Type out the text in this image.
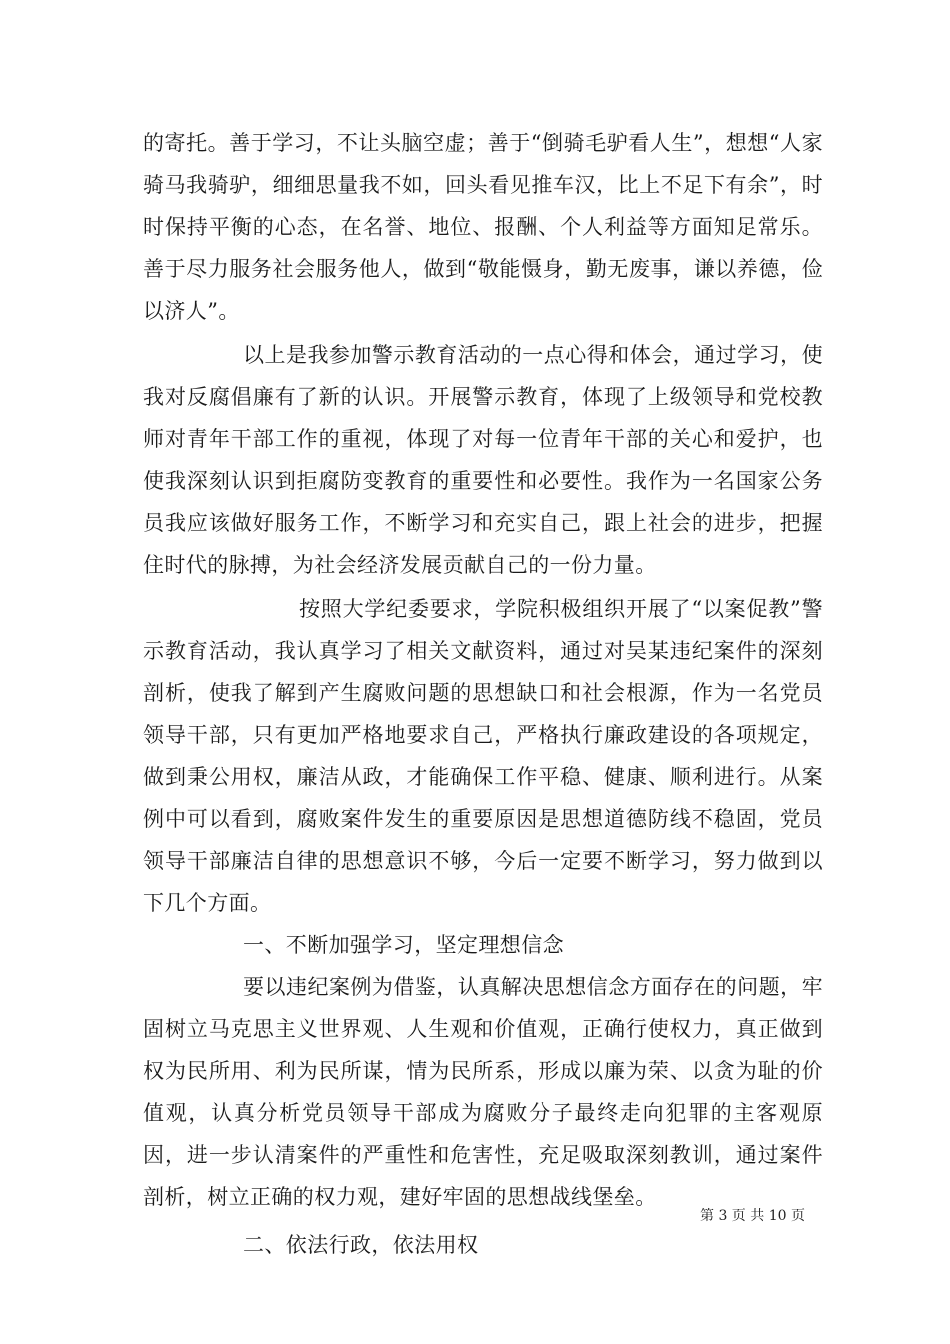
的寄托。善于学习，不让头脑空虚；善于“倒骑毛驴看人生”，想想“人家骑马我骑驴，细细思量我不如，回头看见推车汉，比上不足下有余”，时时保持平衡的心态，在名誉、地位、报酬、个人利益等方面知足常乐。善于尽力服务社会服务他人，做到“敬能慑身，勤无废事，谦以养德，俭以济人”。

以上是我参加警示教育活动的一点心得和体会，通过学习，使我对反腐倡廉有了新的认识。开展警示教育，体现了上级领导和党校教师对青年干部工作的重视，体现了对每一位青年干部的关心和爱护，也使我深刻认识到拒腐防变教育的重要性和必要性。我作为一名国家公务员我应该做好服务工作，不断学习和充实自己，跟上社会的进步，把握住时代的脉搏，为社会经济发展贡献自己的一份力量。

按照大学纪委要求，学院积极组织开展了“以案促教”警示教育活动，我认真学习了相关文献资料，通过对吴某违纪案件的深刻剖析，使我了解到产生腐败问题的思想缺口和社会根源，作为一名党员领导干部，只有更加严格地要求自己，严格执行廉政建设的各项规定，做到秉公用权，廉洁从政，才能确保工作平稳、健康、顺利进行。从案例中可以看到，腐败案件发生的重要原因是思想道德防线不稳固，党员领导干部廉洁自律的思想意识不够，今后一定要不断学习，努力做到以下几个方面。

一、不断加强学习，坚定理想信念

要以违纪案例为借鉴，认真解决思想信念方面存在的问题，牢固树立马克思主义世界观、人生观和价值观，正确行使权力，真正做到权为民所用、利为民所谋，情为民所系，形成以廉为荣、以贪为耻的价值观，认真分析党员领导干部成为腐败分子最终走向犯罪的主客观原因，进一步认清案件的严重性和危害性，充足吸取深刻教训，通过案件剖析，树立正确的权力观，建好牢固的思想战线堡垒。

二、依法行政，依法用权

第 3 页 共 10 页
